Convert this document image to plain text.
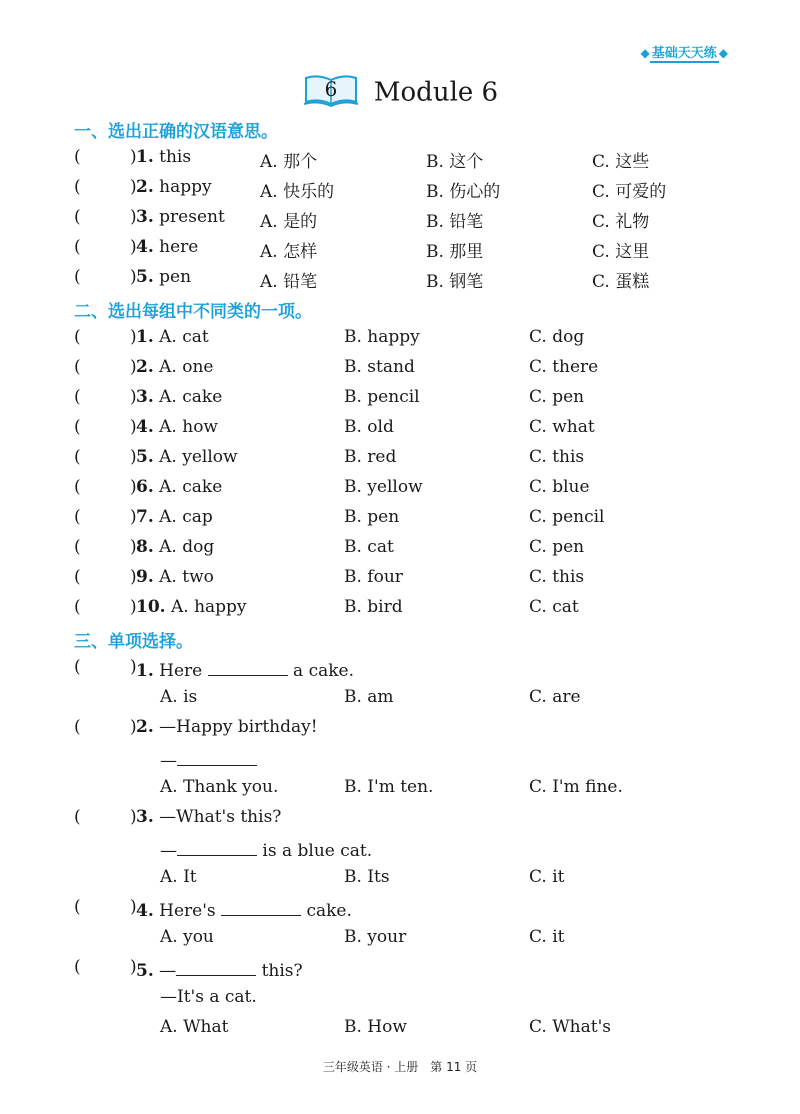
◆ 基础天天练 ◆
6 Module 6
一、选出正确的汉语意思。
(	) 1. this	A. 那个	B. 这个	C. 这些
(	) 2. happy	A. 快乐的	B. 伤心的	C. 可爱的
(	) 3. present A. 是的	B. 铅笔	C. 礼物
(	) 4. here	A. 怎样	B. 那里	C. 这里
(	) 5. pen	A. 铅笔	B. 钢笔	C. 蛋糕
二、选出每组中不同类的一项。
(	) 1. A. cat	B. happy	C. dog
(	) 2. A. one	B. stand	C. there
(	) 3. A. cake	B. pencil	C. pen
(	) 4. A. how	B. old	C. what
(	) 5. A. yellow	B. red	C. this
(	) 6. A. cake	B. yellow	C. blue
(	) 7. A. cap	B. pen	C. pencil
(	) 8. A. dog	B. cat	C. pen
(	) 9. A. two	B. four	C. this
(	) 10. A. happy	B. bird	C. cat
三、单项选择。
(	) 1. Here	a cake.
A. is	B. am	C. are
(	) 2. —Happy birthday!
—
A. Thank you.	B. I'm ten.	C. I'm fine.
(	) 3. —What's this?
—	is a blue cat.
A. It	B. Its	C. it
(	) 4. Here's	cake.
A. you	B. your	C. it
(	) 5. —	this?
—It's a cat.
A. What	B. How	C. What's
三年级英语 · 上册　第 11 页
